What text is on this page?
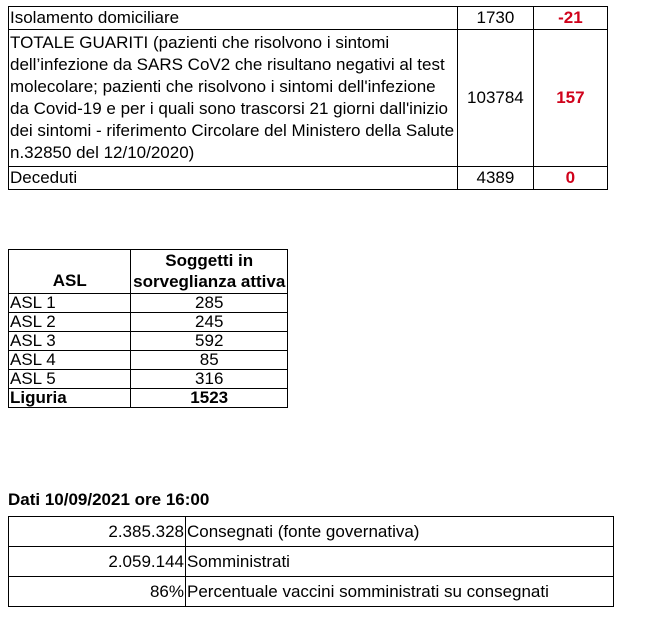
Isolamento domiciliare	1730	-21
TOTALE GUARITI (pazienti che risolvono i sintomi dell’infezione da SARS CoV2 che risultano negativi al test molecolare; pazienti che risolvono i sintomi dell'infezione da Covid-19 e per i quali sono trascorsi 21 giorni dall'inizio dei sintomi - riferimento Circolare del Ministero della Salute n.32850 del 12/10/2020)	103784	157
Deceduti	4389	0
ASL	Soggetti in sorveglianza attiva
ASL 1	285
ASL 2	245
ASL 3	592
ASL 4	85
ASL 5	316
Liguria	1523

Dati 10/09/2021 ore 16:00

2.385.328	Consegnati (fonte governativa)
2.059.144	Somministrati
86%	Percentuale vaccini somministrati su consegnati
